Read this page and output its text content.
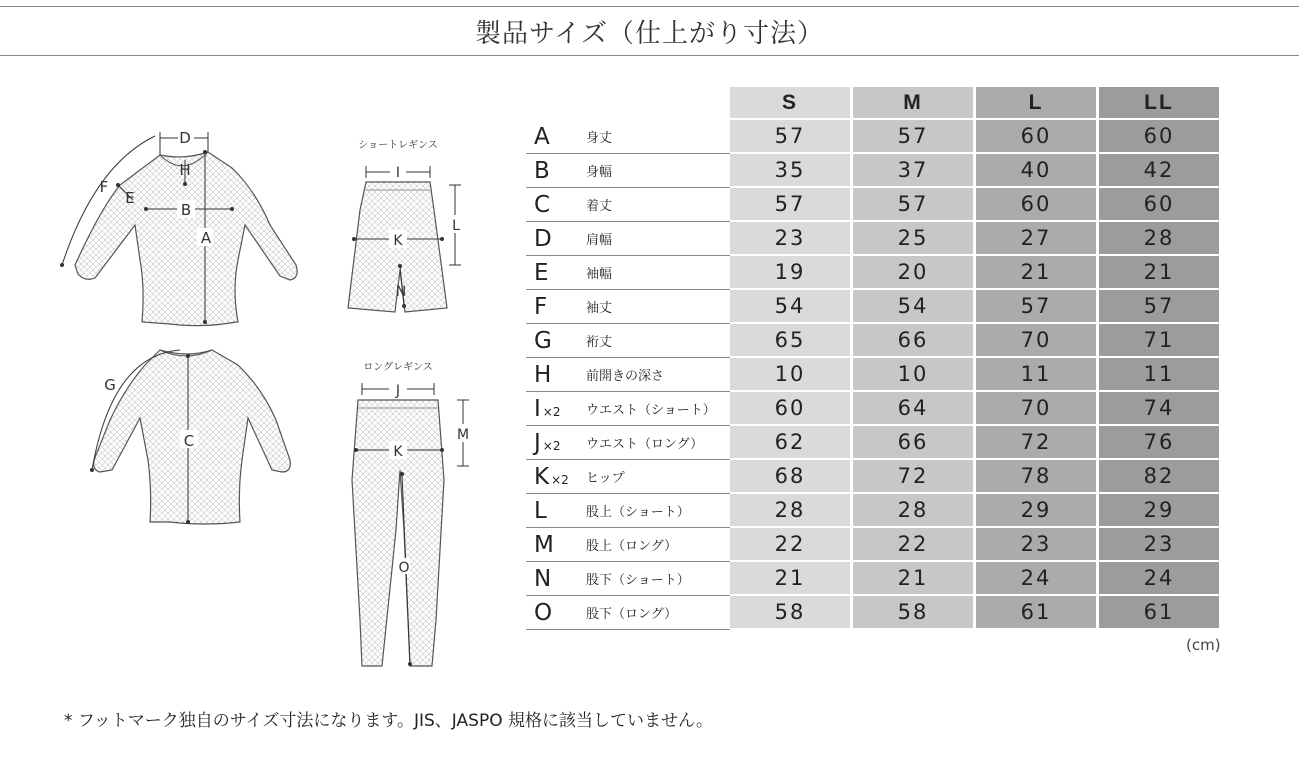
製品サイズ（仕上がり寸法）
D
H
F
E
B
A
G
C
ショートレギンス
I
L
K
N
ロングレギンス
J
M
K
O
		S		M		L		LL
A	身丈	57		57		60		60
B	身幅	35		37		40		42
C	着丈	57		57		60		60
D	肩幅	23		25		27		28
E	袖幅	19		20		21		21
F	袖丈	54		54		57		57
G	裄丈	65		66		70		71
H	前開きの深さ	10		10		11		11
I ×2	ウエスト（ショート）	60		64		70		74
J ×2	ウエスト（ロング）	62		66		72		76
K ×2	ヒップ	68		72		78		82
L	股上（ショート）	28		28		29		29
M	股上（ロング）	22		22		23		23
N	股下（ショート）	21		21		24		24
O	股下（ロング）	58		58		61		61
(cm)
* フットマーク独自のサイズ寸法になります。JIS、JASPO 規格に該当していません。
